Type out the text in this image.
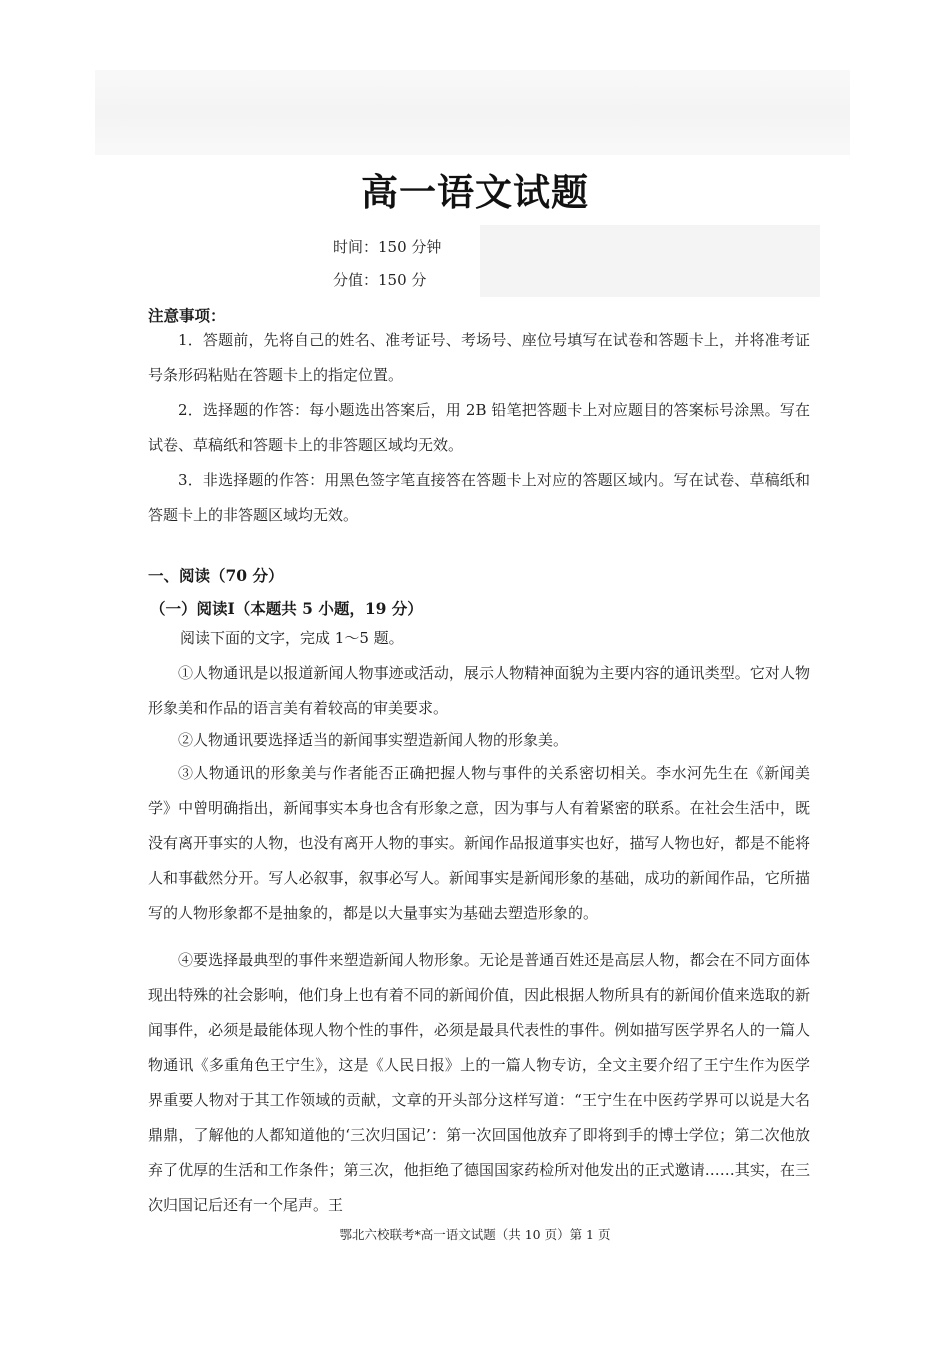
高一语文试题
时间：150 分钟
分值：150 分
注意事项：
1．答题前，先将自己的姓名、准考证号、考场号、座位号填写在试卷和答题卡上，并将准考证号条形码粘贴在答题卡上的指定位置。
2．选择题的作答：每小题选出答案后，用 2B 铅笔把答题卡上对应题目的答案标号涂黑。写在试卷、草稿纸和答题卡上的非答题区域均无效。
3．非选择题的作答：用黑色签字笔直接答在答题卡上对应的答题区域内。写在试卷、草稿纸和答题卡上的非答题区域均无效。
一、阅读（70 分）
（一）阅读I（本题共 5 小题，19 分）
阅读下面的文字，完成 1～5 题。
①人物通讯是以报道新闻人物事迹或活动，展示人物精神面貌为主要内容的通讯类型。它对人物形象美和作品的语言美有着较高的审美要求。
②人物通讯要选择适当的新闻事实塑造新闻人物的形象美。
③人物通讯的形象美与作者能否正确把握人物与事件的关系密切相关。李水河先生在《新闻美学》中曾明确指出，新闻事实本身也含有形象之意，因为事与人有着紧密的联系。在社会生活中，既没有离开事实的人物，也没有离开人物的事实。新闻作品报道事实也好，描写人物也好，都是不能将人和事截然分开。写人必叙事，叙事必写人。新闻事实是新闻形象的基础，成功的新闻作品，它所描写的人物形象都不是抽象的，都是以大量事实为基础去塑造形象的。
④要选择最典型的事件来塑造新闻人物形象。无论是普通百姓还是高层人物，都会在不同方面体现出特殊的社会影响，他们身上也有着不同的新闻价值，因此根据人物所具有的新闻价值来选取的新闻事件，必须是最能体现人物个性的事件，必须是最具代表性的事件。例如描写医学界名人的一篇人物通讯《多重角色王宁生》，这是《人民日报》上的一篇人物专访，全文主要介绍了王宁生作为医学界重要人物对于其工作领域的贡献，文章的开头部分这样写道：“王宁生在中医药学界可以说是大名鼎鼎，了解他的人都知道他的‘三次归国记’：第一次回国他放弃了即将到手的博士学位；第二次他放弃了优厚的生活和工作条件；第三次，他拒绝了德国国家药检所对他发出的正式邀请……其实，在三次归国记后还有一个尾声。王
鄂北六校联考*高一语文试题（共 10 页）第 1 页
